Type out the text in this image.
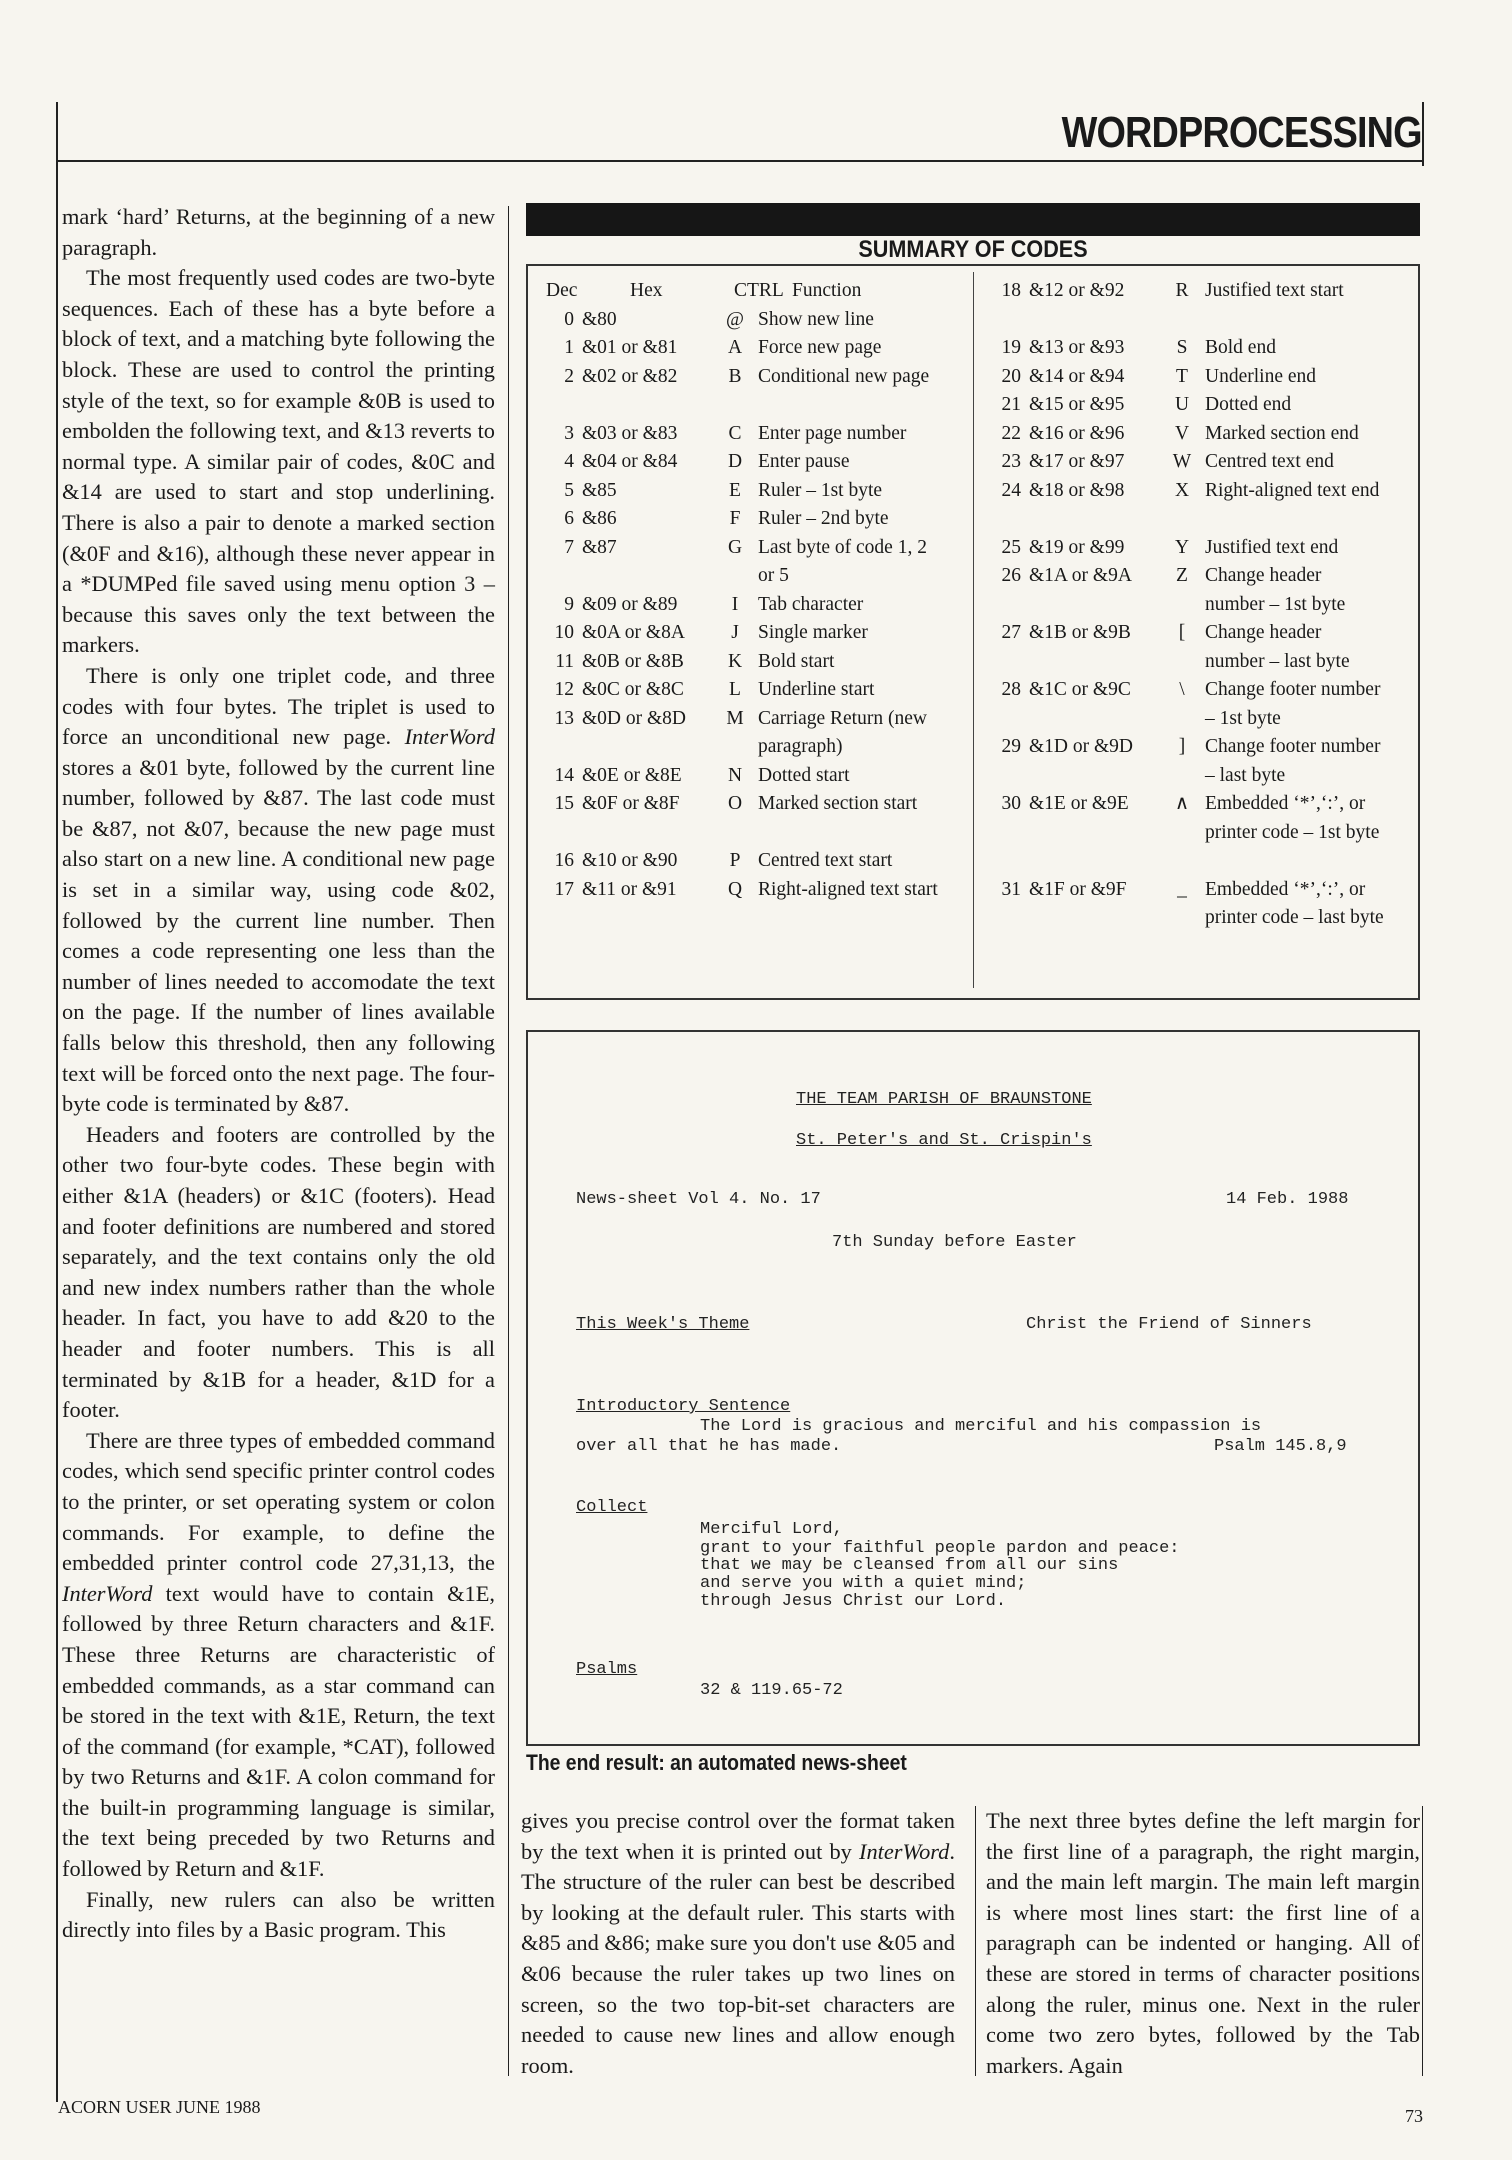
WORDPROCESSING

mark ‘hard’ Returns, at the beginning of a new paragraph.

The most frequently used codes are two-byte sequences. Each of these has a byte before a block of text, and a matching byte following the block. These are used to control the printing style of the text, so for example &0B is used to embolden the following text, and &13 reverts to normal type. A similar pair of codes, &0C and &14 are used to start and stop underlining. There is also a pair to denote a marked section (&0F and &16), although these never appear in a *DUMPed file saved using menu option 3 – because this saves only the text between the markers.

There is only one triplet code, and three codes with four bytes. The triplet is used to force an unconditional new page. InterWord stores a &01 byte, followed by the current line number, followed by &87. The last code must be &87, not &07, because the new page must also start on a new line. A conditional new page is set in a similar way, using code &02, followed by the current line number. Then comes a code representing one less than the number of lines needed to accomodate the text on the page. If the number of lines available falls below this threshold, then any following text will be forced onto the next page. The four-byte code is terminated by &87.

Headers and footers are controlled by the other two four-byte codes. These begin with either &1A (headers) or &1C (footers). Head and footer definitions are numbered and stored separately, and the text contains only the old and new index numbers rather than the whole header. In fact, you have to add &20 to the header and footer numbers. This is all terminated by &1B for a header, &1D for a footer.

There are three types of embedded command codes, which send specific printer control codes to the printer, or set operating system or colon commands. For example, to define the embedded printer control code 27,31,13, the InterWord text would have to contain &1E, followed by three Return characters and &1F. These three Returns are characteristic of embedded commands, as a star command can be stored in the text with &1E, Return, the text of the command (for example, *CAT), followed by two Returns and &1F. A colon command for the built-in programming language is similar, the text being preceded by two Returns and followed by Return and &1F.

Finally, new rulers can also be written directly into files by a Basic program. This

SUMMARY OF CODES
Dec	Hex	CTRL Function
0 &80	@ Show new line
1 &01 or &81	A Force new page
2 &02 or &82	B Conditional new page
3 &03 or &83	C Enter page number
4 &04 or &84	D Enter pause
5 &85	E Ruler – 1st byte
6 &86	F Ruler – 2nd byte
7 &87	G Last byte of code 1, 2 or 5
9 &09 or &89	I	Tab character
10 &0A or &8A	J Single marker
11 &0B or &8B	K Bold start
12 &0C or &8C	L Underline start
13 &0D or &8D M Carriage Return (new paragraph)
14 &0E or &8E	N Dotted start
15 &0F or &8F	O Marked section start
16 &10 or &90	P Centred text start
17 &11 or &91	Q Right-aligned text start
18 &12 or &92	R Justified text start
19 &13 or &93	S Bold end
20 &14 or &94	T Underline end
21 &15 or &95	U Dotted end
22 &16 or &96	V Marked section end
23 &17 or &97 W Centred text end
24 &18 or &98	X Right-aligned text end
25 &19 or &99	Y Justified text end
26 &1A or &9A	Z Change header number – 1st byte
27 &1B or &9B	[	Change header number – last byte
28 &1C or &9C	\	Change footer number – 1st byte
29 &1D or &9D	]	Change footer number – last byte
30 &1E or &9E	∧ Embedded ‘*’,‘:’, or printer code – 1st byte
31 &1F or &9F	_ Embedded ‘*’,‘:’, or printer code – last byte
THE TEAM PARISH OF BRAUNSTONE
St. Peter's and St. Crispin's
News-sheet Vol 4. No. 17	14 Feb. 1988
7th Sunday before Easter
This Week's Theme	Christ the Friend of Sinners
Introductory Sentence
The Lord is gracious and merciful and his compassion is
over all that he has made.	Psalm 145.8,9
Collect
Merciful Lord,
grant to your faithful people pardon and peace:
that we may be cleansed from all our sins
and serve you with a quiet mind;
through Jesus Christ our Lord.
Psalms
32 & 119.65-72
The end result: an automated news-sheet

gives you precise control over the format taken by the text when it is printed out by InterWord. The structure of the ruler can best be described by looking at the default ruler. This starts with &85 and &86; make sure you don't use &05 and &06 because the ruler takes up two lines on screen, so the two top-bit-set characters are needed to cause new lines and allow enough room.

The next three bytes define the left margin for the first line of a paragraph, the right margin, and the main left margin. The main left margin is where most lines start: the first line of a paragraph can be indented or hanging. All of these are stored in terms of character positions along the ruler, minus one. Next in the ruler come two zero bytes, followed by the Tab markers. Again

ACORN USER JUNE 1988	73
